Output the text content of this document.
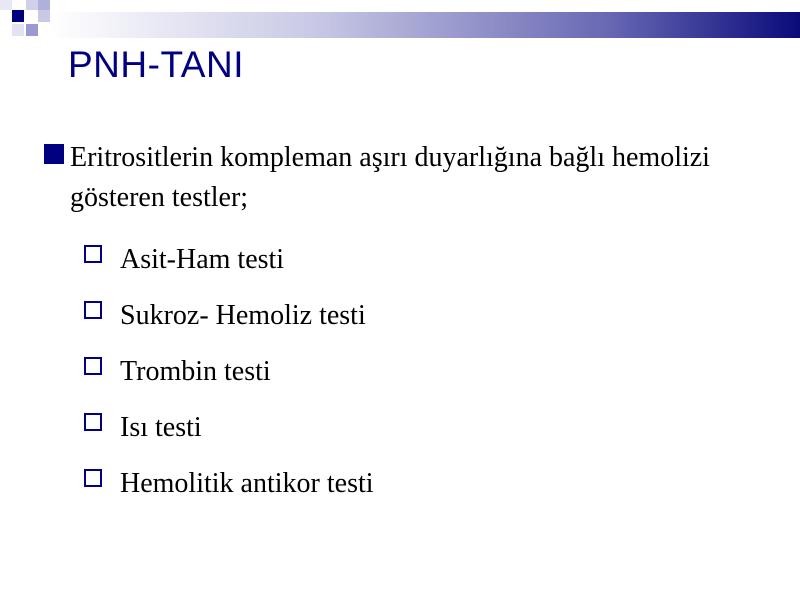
PNH-TANI
Eritrositlerin kompleman aşırı duyarlığına bağlı hemolizi gösteren testler;
Asit-Ham testi
Sukroz- Hemoliz testi
Trombin testi
Isı testi
Hemolitik antikor testi
